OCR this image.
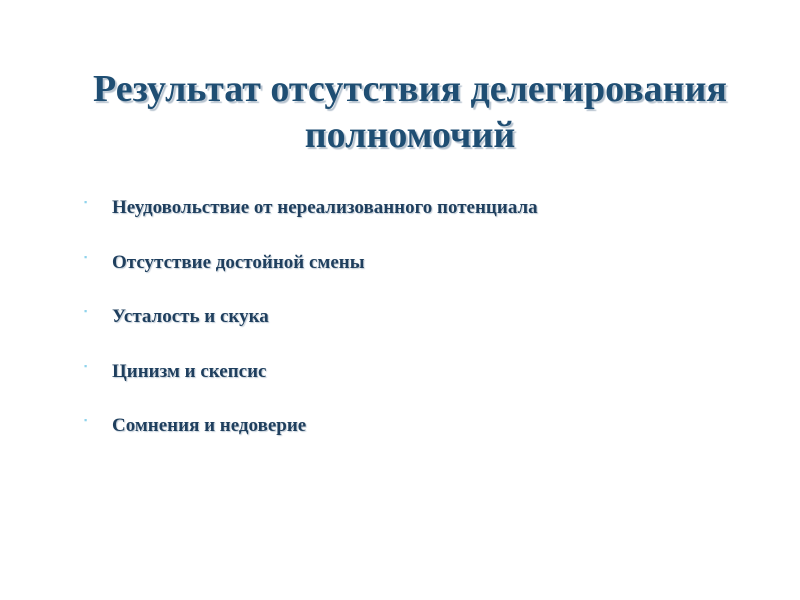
Результат отсутствия делегирования
полномочий
▪	Неудовольствие от нереализованного потенциала
▪	Отсутствие достойной смены
▪	Усталость и скука
▪	Цинизм и скепсис
▪	Сомнения и недоверие
